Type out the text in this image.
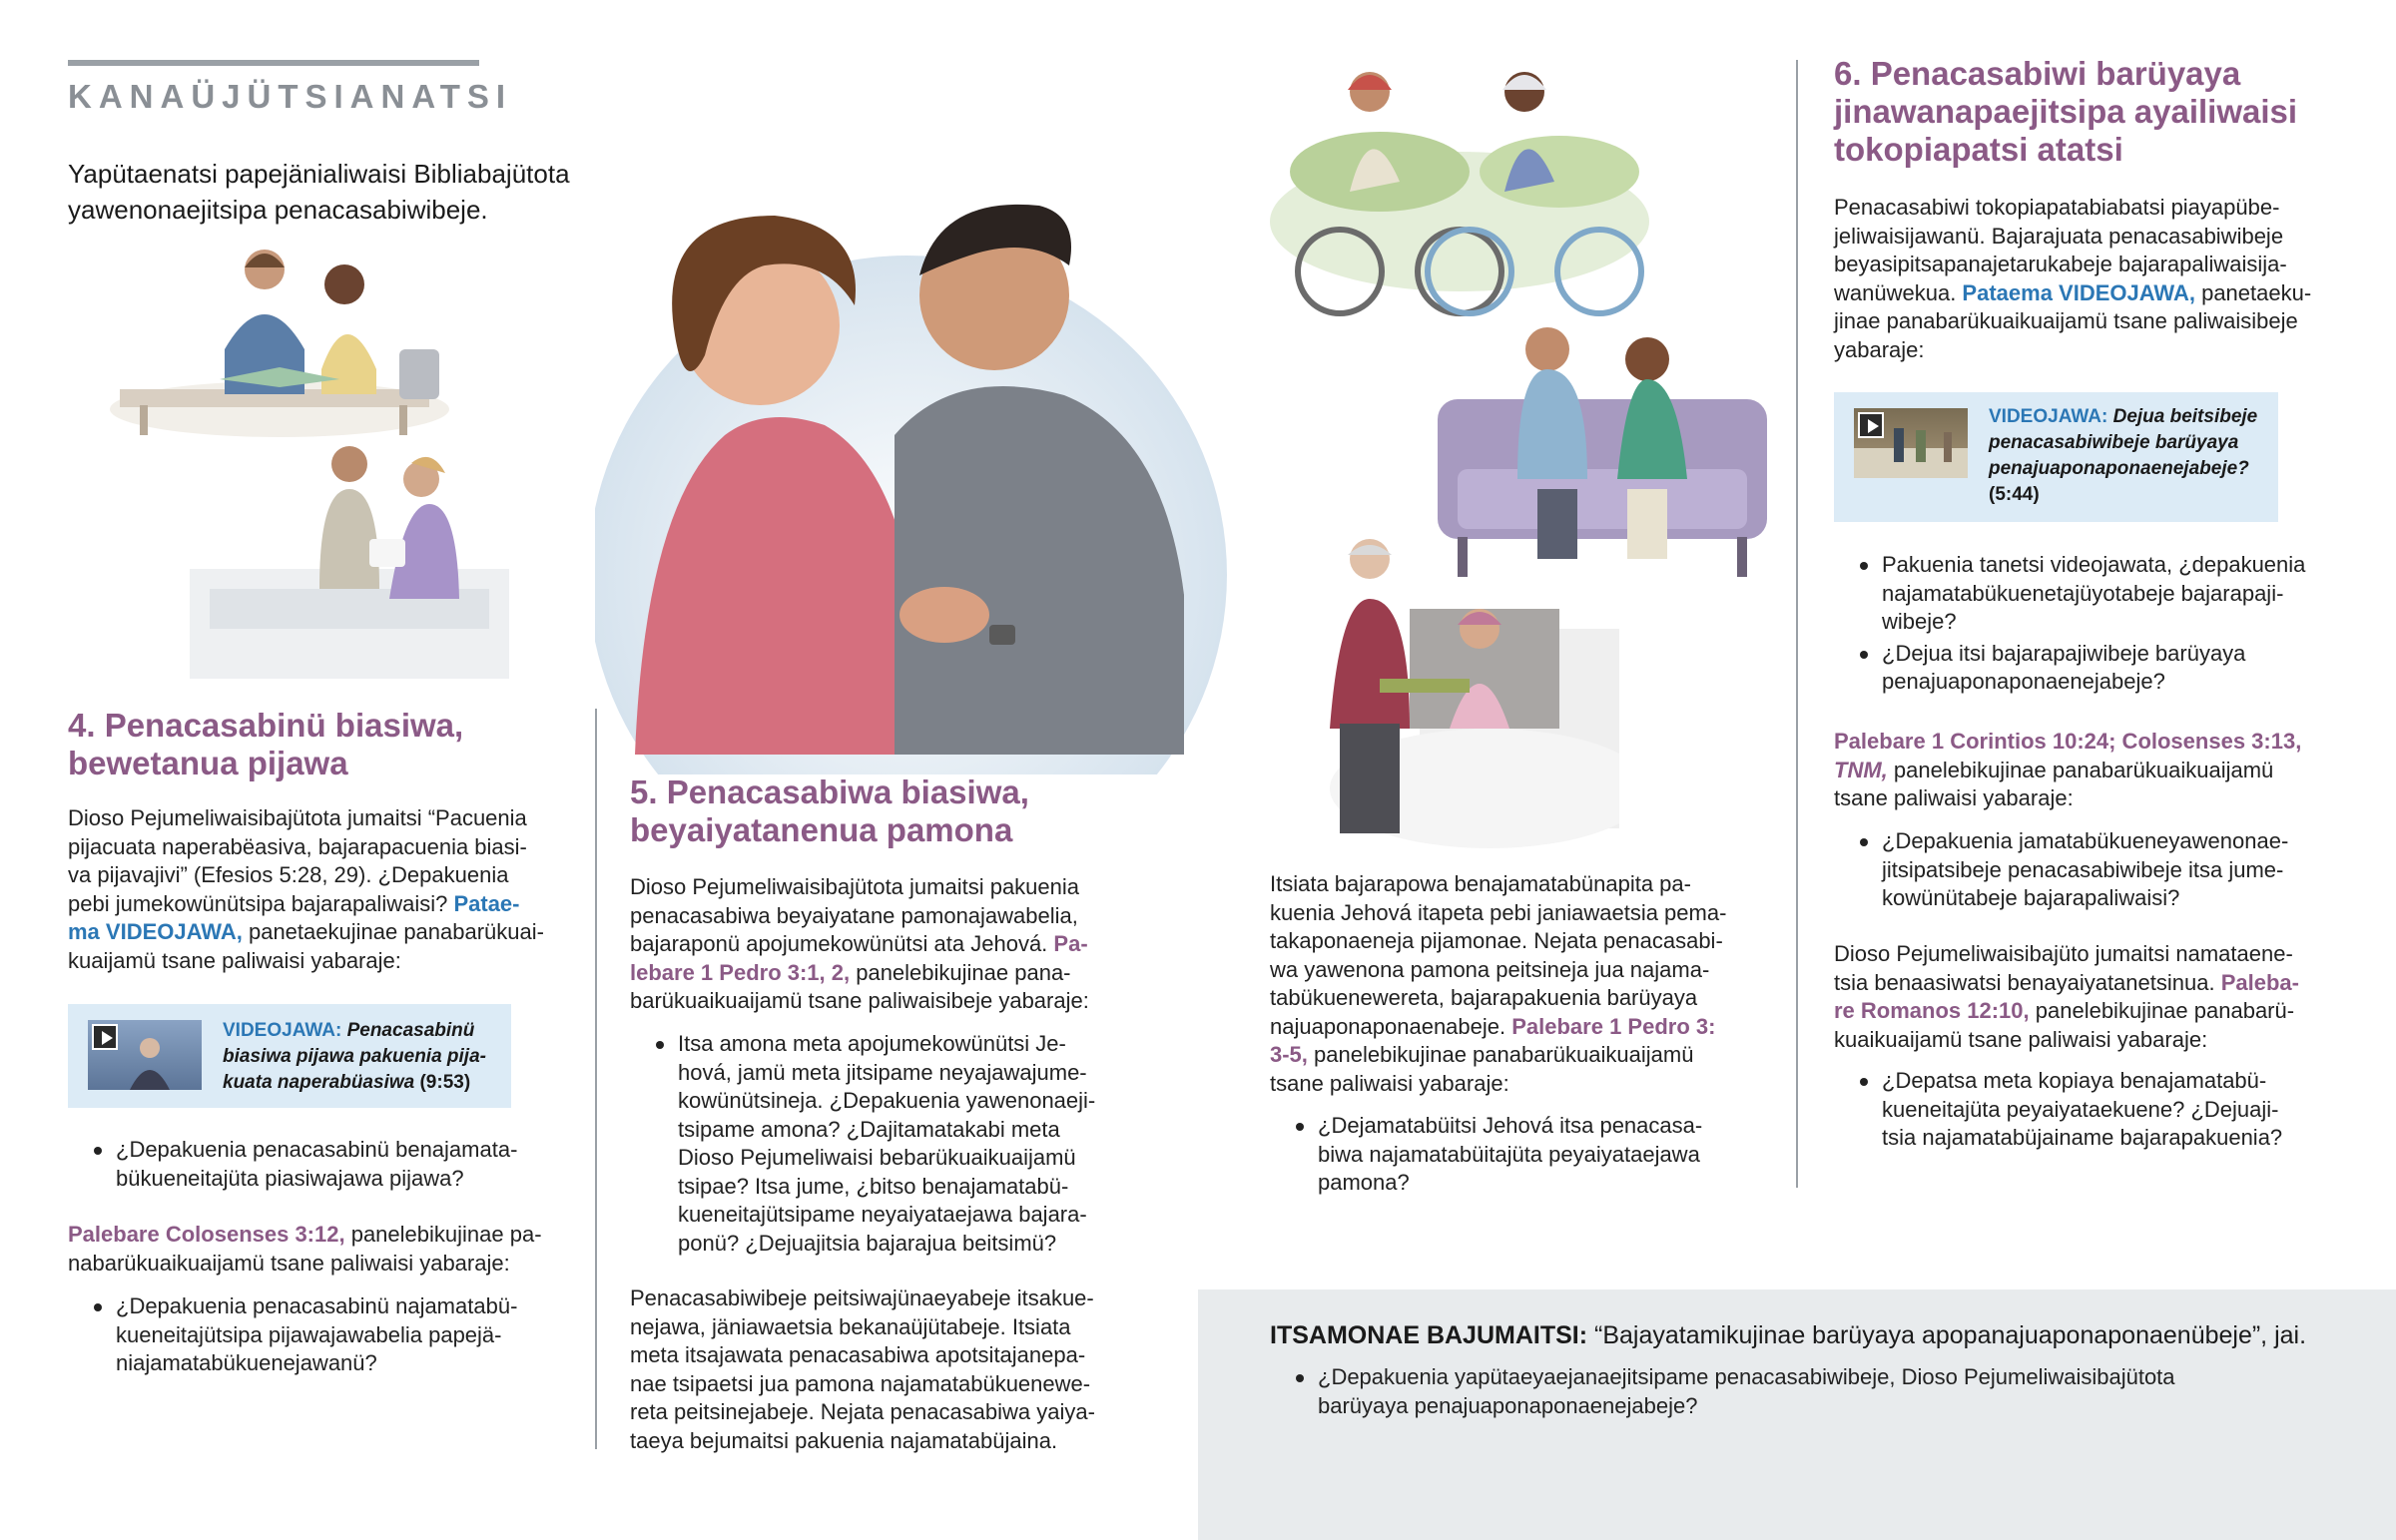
KANAÜJÜTSIANATSI
Yapütaenatsi papejänialiwaisi Bibliabajütota yawenonaejitsipa penacasabiwibeje.
4. Penacasabinü biasiwa,
bewetanua pijawa
Dioso Pejumeliwaisibajütota jumaitsi “Pacuenia
pijacuata naperabëasiva, bajarapacuenia biasi-
va pijavajivi” (Efesios 5:28, 29). ¿Depakuenia
pebi jumekowünütsipa bajarapaliwaisi? Patae-
ma VIDEOJAWA, panetaekujinae panabarükuai-
kuaijamü tsane paliwaisi yabaraje:
VIDEOJAWA: Penacasabinü
biasiwa pijawa pakuenia pija-
kuata naperabüasiwa (9:53)
¿Depakuenia penacasabinü benajamata-
bükueneitajüta piasiwajawa pijawa?
Palebare Colosenses 3:12, panelebikujinae pa-
nabarükuaikuaijamü tsane paliwaisi yabaraje:
¿Depakuenia penacasabinü najamatabü-
kueneitajütsipa pijawajawabelia papejä-
niajamatabükuenejawanü?
5. Penacasabiwa biasiwa,
beyaiyatanenua pamona
Dioso Pejumeliwaisibajütota jumaitsi pakuenia
penacasabiwa beyaiyatane pamonajawabelia,
bajaraponü apojumekowünütsi ata Jehová. Pa-
lebare 1 Pedro 3:1, 2, panelebikujinae pana-
barükuaikuaijamü tsane paliwaisibeje yabaraje:
Itsa amona meta apojumekowünütsi Je-
hová, jamü meta jitsipame neyajawajume-
kowünütsineja. ¿Depakuenia yawenonaeji-
tsipame amona? ¿Dajitamatakabi meta
Dioso Pejumeliwaisi bebarükuaikuaijamü
tsipae? Itsa jume, ¿bitso benajamatabü-
kueneitajütsipame neyaiyataejawa bajara-
ponü? ¿Dejuajitsia bajarajua beitsimü?
Penacasabiwibeje peitsiwajünaeyabeje itsakue-
nejawa, jäniawaetsia bekanaüjütabeje. Itsiata
meta itsajawata penacasabiwa apotsitajanepa-
nae tsipaetsi jua pamona najamatabükuenewe-
reta peitsinejabeje. Nejata penacasabiwa yaiya-
taeya bejumaitsi pakuenia najamatabüjaina.
Itsiata bajarapowa benajamatabünapita pa-
kuenia Jehová itapeta pebi janiawaetsia pema-
takaponaeneja pijamonae. Nejata penacasabi-
wa yawenona pamona peitsineja jua najama-
tabükuenewereta, bajarapakuenia barüyaya
najuaponaponaenabeje. Palebare 1 Pedro 3:
3-5, panelebikujinae panabarükuaikuaijamü
tsane paliwaisi yabaraje:
¿Dejamatabüitsi Jehová itsa penacasa-
biwa najamatabüitajüta peyaiyataejawa
pamona?
6. Penacasabiwi barüyaya
jinawanapaejitsipa ayailiwaisi
tokopiapatsi atatsi
Penacasabiwi tokopiapatabiabatsi piayapübe-
jeliwaisijawanü. Bajarajuata penacasabiwibeje
beyasipitsapanajetarukabeje bajarapaliwaisija-
wanüwekua. Pataema VIDEOJAWA, panetaeku-
jinae panabarükuaikuaijamü tsane paliwaisibeje
yabaraje:
VIDEOJAWA: Dejua beitsibeje
penacasabiwibeje barüyaya
penajuaponaponaenejabeje?
(5:44)
Pakuenia tanetsi videojawata, ¿depakuenia
najamatabükuenetajüyotabeje bajarapaji-
wibeje?
¿Dejua itsi bajarapajiwibeje barüyaya
penajuaponaponaenejabeje?
Palebare 1 Corintios 10:24; Colosenses 3:13,
TNM, panelebikujinae panabarükuaikuaijamü
tsane paliwaisi yabaraje:
¿Depakuenia jamatabükueneyawenonae-
jitsipatsibeje penacasabiwibeje itsa jume-
kowünütabeje bajarapaliwaisi?
Dioso Pejumeliwaisibajüto jumaitsi namataene-
tsia benaasiwatsi benayaiyatanetsinua. Paleba-
re Romanos 12:10, panelebikujinae panabarü-
kuaikuaijamü tsane paliwaisi yabaraje:
¿Depatsa meta kopiaya benajamatabü-
kueneitajüta peyaiyataekuene? ¿Dejuaji-
tsia najamatabüjainame bajarapakuenia?
ITSAMONAE BAJUMAITSI: “Bajayatamikujinae barüyaya apopanajuaponaponaenübeje”, jai.
¿Depakuenia yapütaeyaejanaejitsipame penacasabiwibeje, Dioso Pejumeliwaisibajütota
barüyaya penajuaponaponaenejabeje?
